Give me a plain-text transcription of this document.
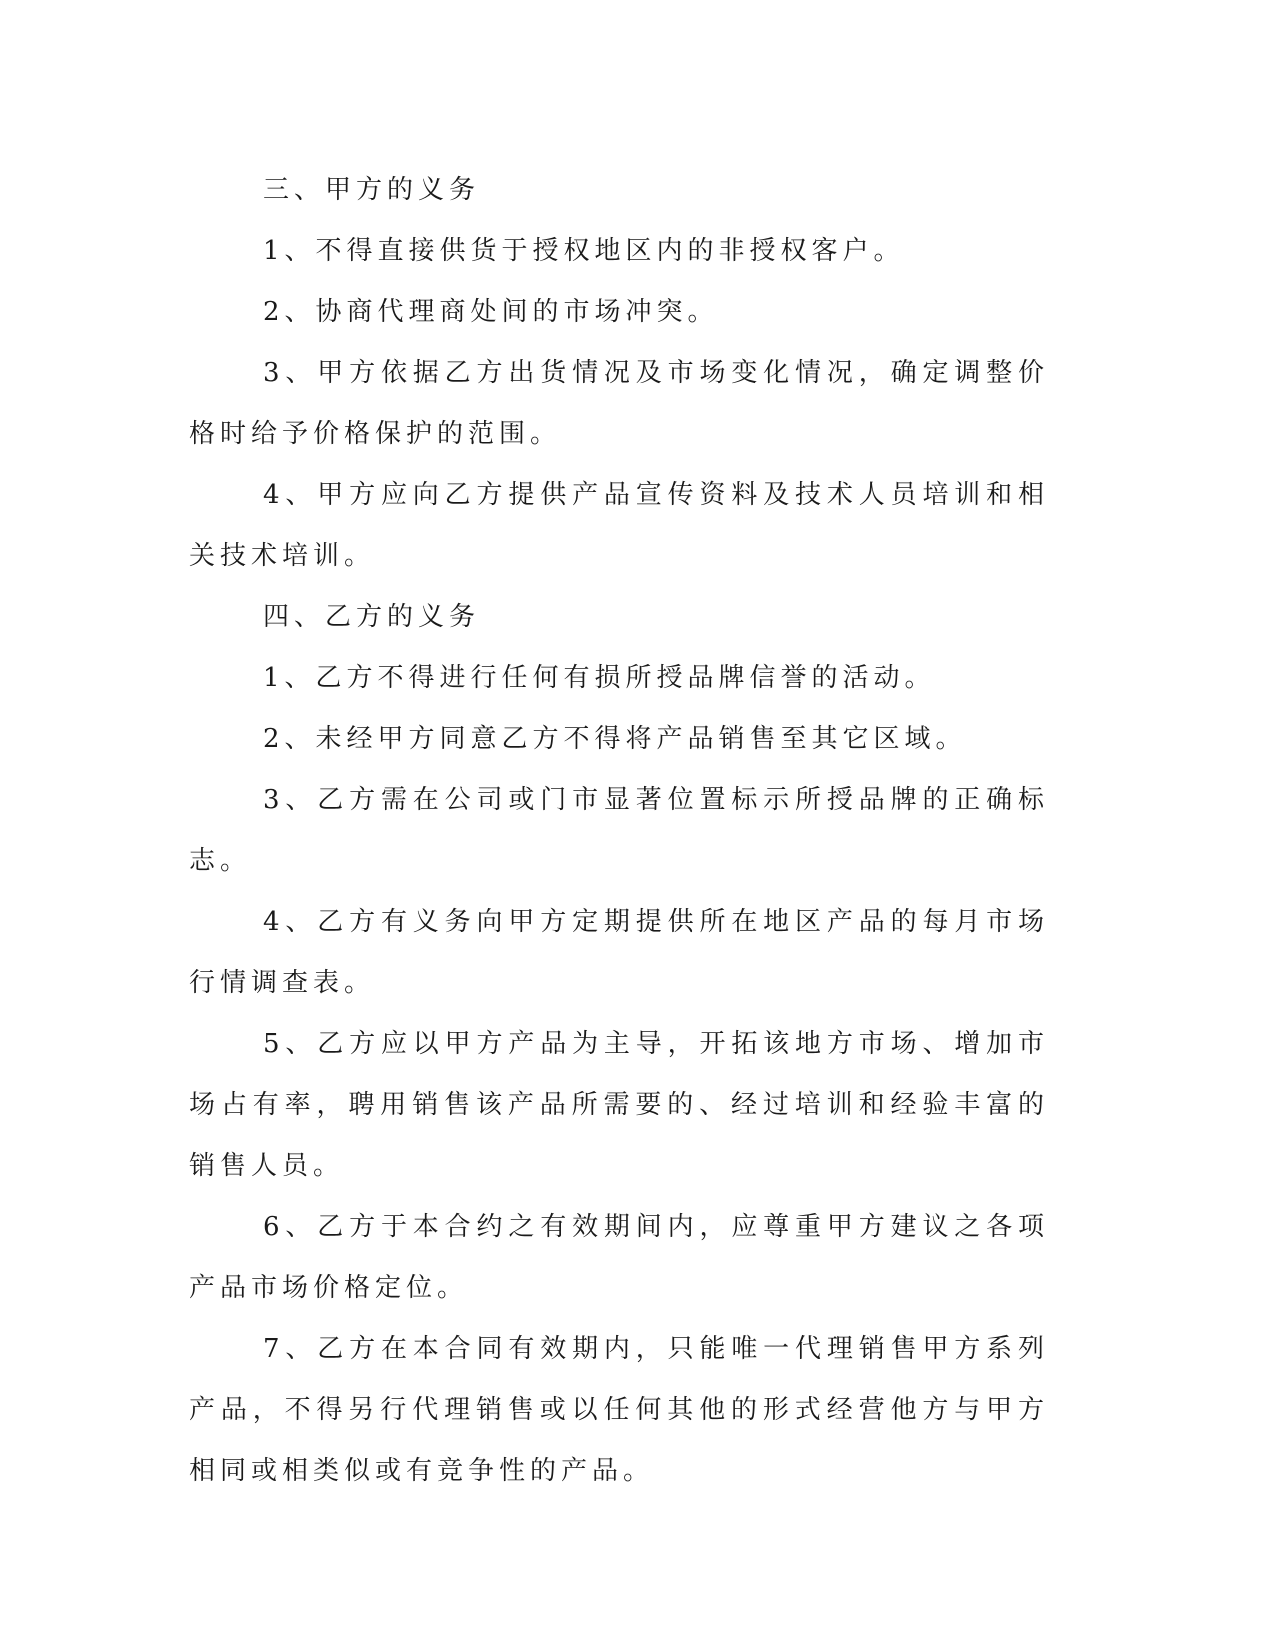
三、甲方的义务

1、不得直接供货于授权地区内的非授权客户。

2、协商代理商处间的市场冲突。

3、甲方依据乙方出货情况及市场变化情况，确定调整价格时给予价格保护的范围。

4、甲方应向乙方提供产品宣传资料及技术人员培训和相关技术培训。

四、乙方的义务

1、乙方不得进行任何有损所授品牌信誉的活动。

2、未经甲方同意乙方不得将产品销售至其它区域。

3、乙方需在公司或门市显著位置标示所授品牌的正确标志。

4、乙方有义务向甲方定期提供所在地区产品的每月市场行情调查表。

5、乙方应以甲方产品为主导，开拓该地方市场、增加市场占有率，聘用销售该产品所需要的、经过培训和经验丰富的销售人员。

6、乙方于本合约之有效期间内，应尊重甲方建议之各项产品市场价格定位。

7、乙方在本合同有效期内，只能唯一代理销售甲方系列产品，不得另行代理销售或以任何其他的形式经营他方与甲方相同或相类似或有竞争性的产品。
